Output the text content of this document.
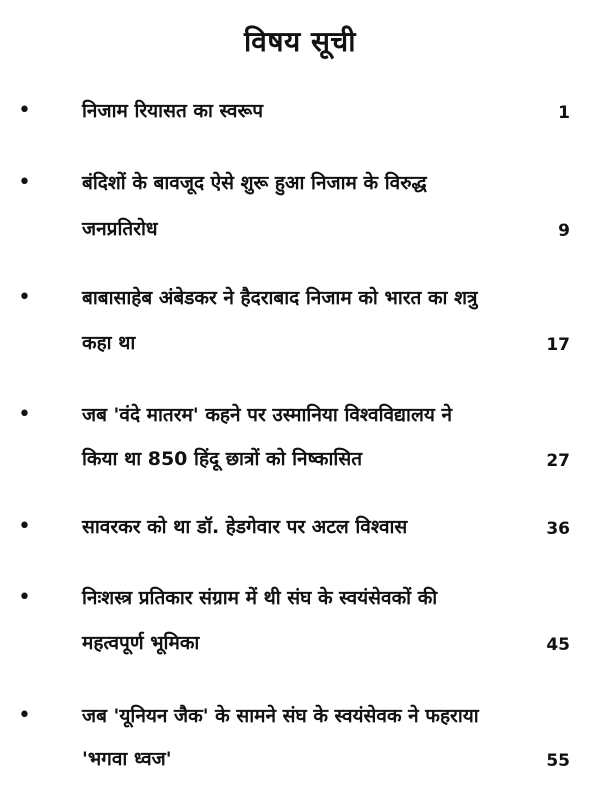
विषय सूची
•	निजाम रियासत का स्वरूप	1
•	बंदिशों के बावजूद ऐसे शुरू हुआ निजाम के विरुद्ध
जनप्रतिरोध	9
•	बाबासाहेब अंबेडकर ने हैदराबाद निजाम को भारत का शत्रु
कहा था	17
•	जब 'वंदे मातरम' कहने पर उस्मानिया विश्वविद्यालय ने
किया था 850 हिंदू छात्रों को निष्कासित	27
•	सावरकर को था डॉ. हेडगेवार पर अटल विश्वास	36
•	निःशस्त्र प्रतिकार संग्राम में थी संघ के स्वयंसेवकों की
महत्वपूर्ण भूमिका	45
•	जब 'यूनियन जैक' के सामने संघ के स्वयंसेवक ने फहराया
'भगवा ध्वज'	55
